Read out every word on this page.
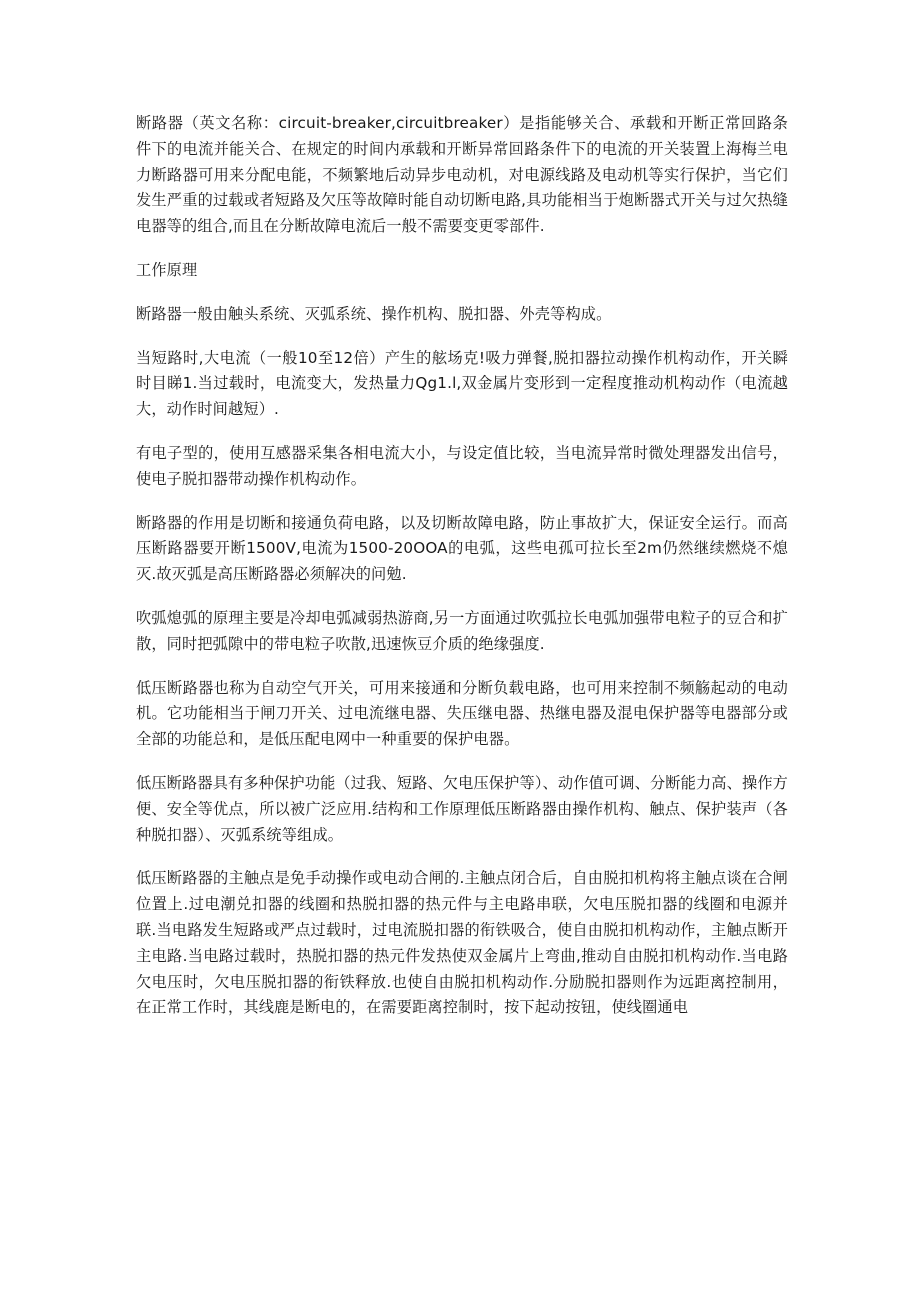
断路器（英文名称：circuit-breaker,circuitbreaker）是指能够关合、承载和开断正常回路条件下的电流并能关合、在规定的时间内承载和开断异常回路条件下的电流的开关装置上海梅兰电力断路器可用来分配电能，不频繁地后动异步电动机，对电源线路及电动机等实行保护，当它们发生严重的过载或者短路及欠压等故障时能自动切断电路,具功能相当于炮断器式开关与过欠热缝电器等的组合,而且在分断故障电流后一般不需要变更零部件.

工作原理

断路器一般由触头系统、灭弧系统、操作机构、脱扣器、外壳等构成。

当短路时,大电流（一般10至12倍）产生的舷场克!吸力弹餐,脱扣器拉动操作机构动作，开关瞬时目睇1.当过载时，电流变大，发热量力Qg1.l,双金属片变形到一定程度推动机构动作（电流越大，动作时间越短）.

有电子型的，使用互感器采集各相电流大小，与设定值比较，当电流异常时微处理器发出信号，使电子脱扣器带动操作机构动作。

断路器的作用是切断和接通负荷电路，以及切断故障电路，防止事故扩大，保证安全运行。而高压断路器要开断1500V,电流为1500-20OOA的电弧，这些电孤可拉长至2m仍然继续燃烧不熄灭.故灭弧是高压断路器必须解决的问勉.

吹弧熄弧的原理主要是冷却电弧减弱热游商,另一方面通过吹弧拉长电弧加强带电粒子的豆合和扩散，同时把弧隙中的带电粒子吹散,迅速恢豆介质的绝缘强度.

低压断路器也称为自动空气开关，可用来接通和分断负载电路，也可用来控制不频觞起动的电动机。它功能相当于闸刀开关、过电流继电器、失压继电器、热继电器及混电保护器等电器部分或全部的功能总和，是低压配电网中一种重要的保护电器。

低压断路器具有多种保护功能（过我、短路、欠电压保护等）、动作值可调、分断能力高、操作方便、安全等优点，所以被广泛应用.结构和工作原理低压断路器由操作机构、触点、保护装声（各种脱扣器）、灭弧系统等组成。

低压断路器的主触点是免手动操作或电动合闸的.主触点闭合后，自由脱扣机构将主触点谈在合闸位置上.过电潮兑扣器的线圈和热脱扣器的热元件与主电路串联，欠电压脱扣器的线圈和电源并联.当电路发生短路或严点过载时，过电流脱扣器的衔铁吸合，使自由脱扣机构动作，主触点断开主电路.当电路过载时，热脱扣器的热元件发热使双金属片上弯曲,推动自由脱扣机构动作.当电路欠电压时，欠电压脱扣器的衔铁释放.也使自由脱扣机构动作.分励脱扣器则作为远距离控制用，在正常工作时，其线鹿是断电的，在需要距离控制时，按下起动按钮，使线圈通电
